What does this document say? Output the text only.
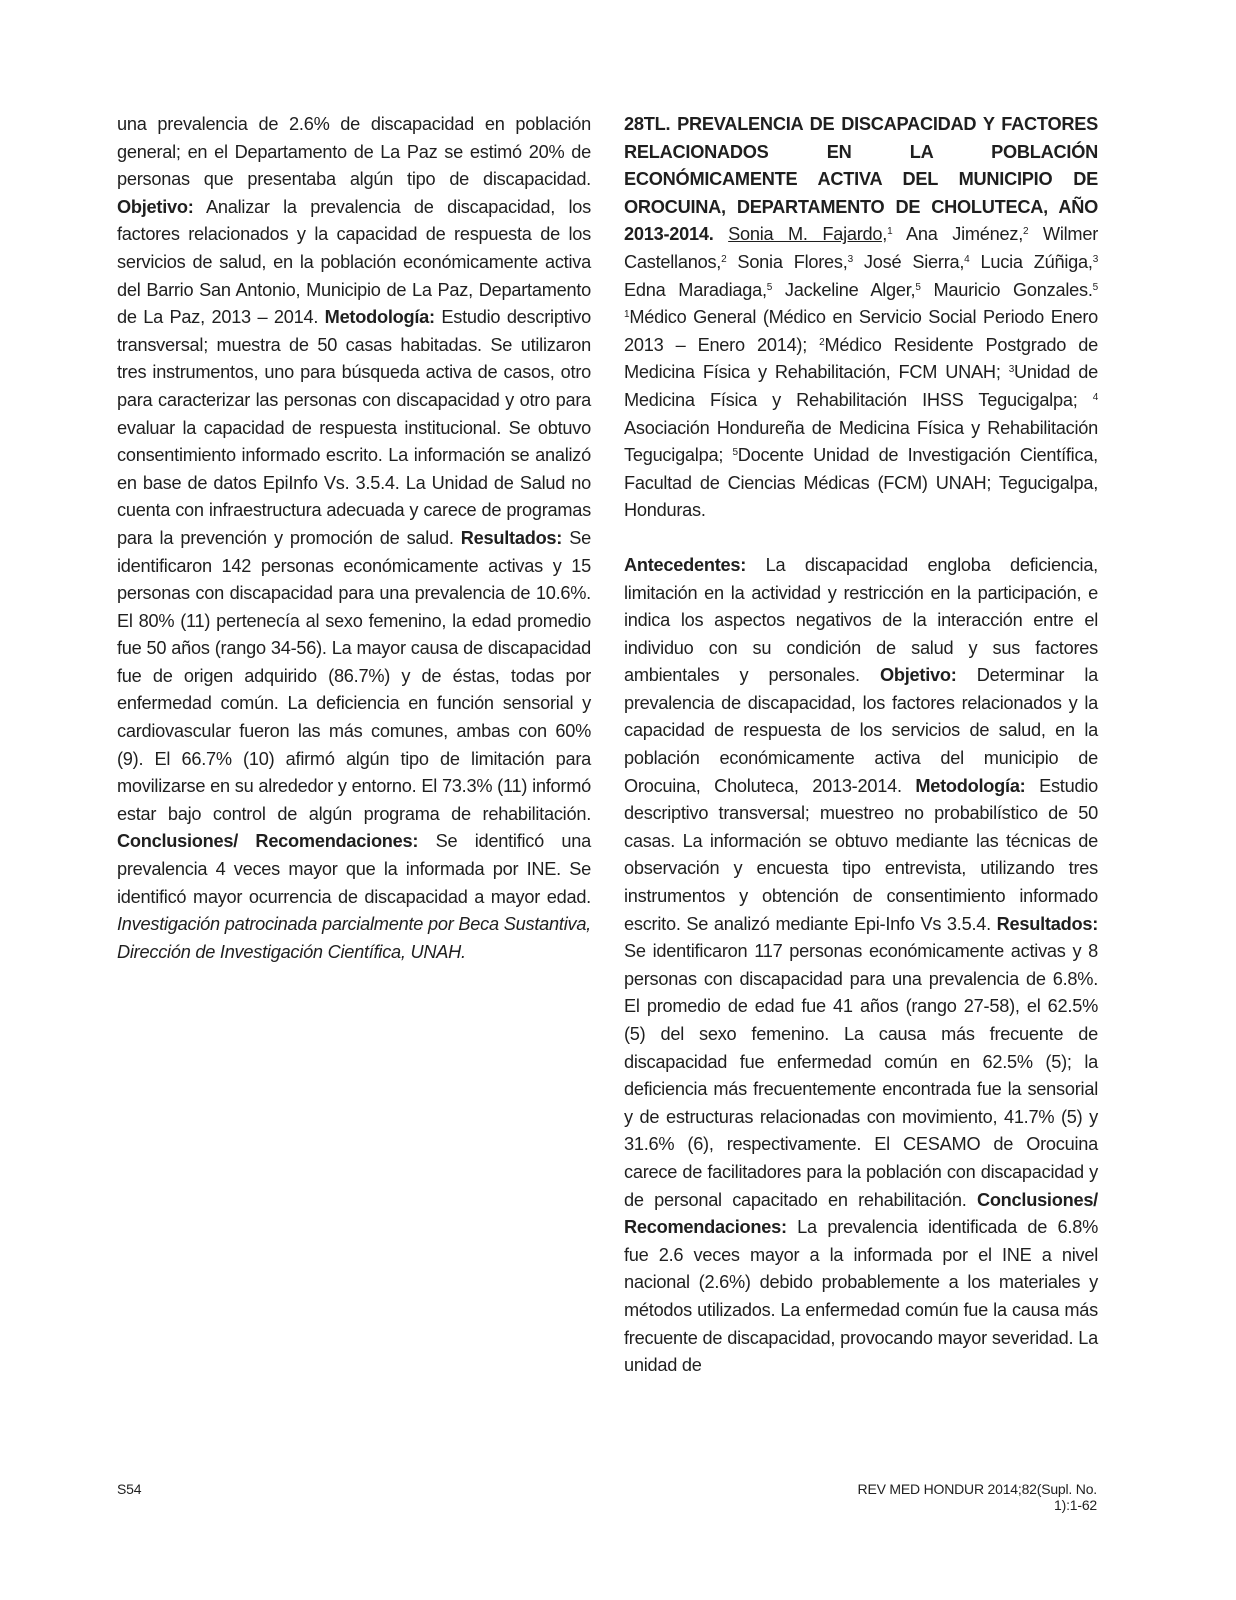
una prevalencia de 2.6% de discapacidad en población general; en el Departamento de La Paz se estimó 20% de personas que presentaba algún tipo de discapacidad. Objetivo: Analizar la prevalencia de discapacidad, los factores relacionados y la capacidad de respuesta de los servicios de salud, en la población económicamente activa del Barrio San Antonio, Municipio de La Paz, Departamento de La Paz, 2013 – 2014. Metodología: Estudio descriptivo transversal; muestra de 50 casas habitadas. Se utilizaron tres instrumentos, uno para búsqueda activa de casos, otro para caracterizar las personas con discapacidad y otro para evaluar la capacidad de respuesta institucional. Se obtuvo consentimiento informado escrito. La información se analizó en base de datos EpiInfo Vs. 3.5.4. La Unidad de Salud no cuenta con infraestructura adecuada y carece de programas para la prevención y promoción de salud. Resultados: Se identificaron 142 personas económicamente activas y 15 personas con discapacidad para una prevalencia de 10.6%. El 80% (11) pertenecía al sexo femenino, la edad promedio fue 50 años (rango 34-56). La mayor causa de discapacidad fue de origen adquirido (86.7%) y de éstas, todas por enfermedad común. La deficiencia en función sensorial y cardiovascular fueron las más comunes, ambas con 60% (9). El 66.7% (10) afirmó algún tipo de limitación para movilizarse en su alrededor y entorno. El 73.3% (11) informó estar bajo control de algún programa de rehabilitación. Conclusiones/ Recomendaciones: Se identificó una prevalencia 4 veces mayor que la informada por INE. Se identificó mayor ocurrencia de discapacidad a mayor edad. Investigación patrocinada parcialmente por Beca Sustantiva, Dirección de Investigación Científica, UNAH.

28TL. PREVALENCIA DE DISCAPACIDAD Y FACTORES RELACIONADOS EN LA POBLACIÓN ECONÓMICAMENTE ACTIVA DEL MUNICIPIO DE OROCUINA, DEPARTAMENTO DE CHOLUTECA, AÑO 2013-2014. Sonia M. Fajardo,$^1$ Ana Jiménez,$^2$ Wilmer Castellanos,$^2$ Sonia Flores,$^3$ José Sierra,$^4$ Lucia Zúñiga,$^3$ Edna Maradiaga,$^5$ Jackeline Alger,$^5$ Mauricio Gonzales.$^5$ $^1$Médico General (Médico en Servicio Social Periodo Enero 2013 – Enero 2014); $^2$Médico Residente Postgrado de Medicina Física y Rehabilitación, FCM UNAH; $^3$Unidad de Medicina Física y Rehabilitación IHSS Tegucigalpa; $^4$ Asociación Hondureña de Medicina Física y Rehabilitación Tegucigalpa; $^5$Docente Unidad de Investigación Científica, Facultad de Ciencias Médicas (FCM) UNAH; Tegucigalpa, Honduras.

Antecedentes: La discapacidad engloba deficiencia, limitación en la actividad y restricción en la participación, e indica los aspectos negativos de la interacción entre el individuo con su condición de salud y sus factores ambientales y personales. Objetivo: Determinar la prevalencia de discapacidad, los factores relacionados y la capacidad de respuesta de los servicios de salud, en la población económicamente activa del municipio de Orocuina, Choluteca, 2013-2014. Metodología: Estudio descriptivo transversal; muestreo no probabilístico de 50 casas. La información se obtuvo mediante las técnicas de observación y encuesta tipo entrevista, utilizando tres instrumentos y obtención de consentimiento informado escrito. Se analizó mediante Epi-Info Vs 3.5.4. Resultados: Se identificaron 117 personas económicamente activas y 8 personas con discapacidad para una prevalencia de 6.8%. El promedio de edad fue 41 años (rango 27-58), el 62.5% (5) del sexo femenino. La causa más frecuente de discapacidad fue enfermedad común en 62.5% (5); la deficiencia más frecuentemente encontrada fue la sensorial y de estructuras relacionadas con movimiento, 41.7% (5) y 31.6% (6), respectivamente. El CESAMO de Orocuina carece de facilitadores para la población con discapacidad y de personal capacitado en rehabilitación. Conclusiones/ Recomendaciones: La prevalencia identificada de 6.8% fue 2.6 veces mayor a la informada por el INE a nivel nacional (2.6%) debido probablemente a los materiales y métodos utilizados. La enfermedad común fue la causa más frecuente de discapacidad, provocando mayor severidad. La unidad de

S54	REV MED HONDUR 2014;82(Supl. No. 1):1-62
